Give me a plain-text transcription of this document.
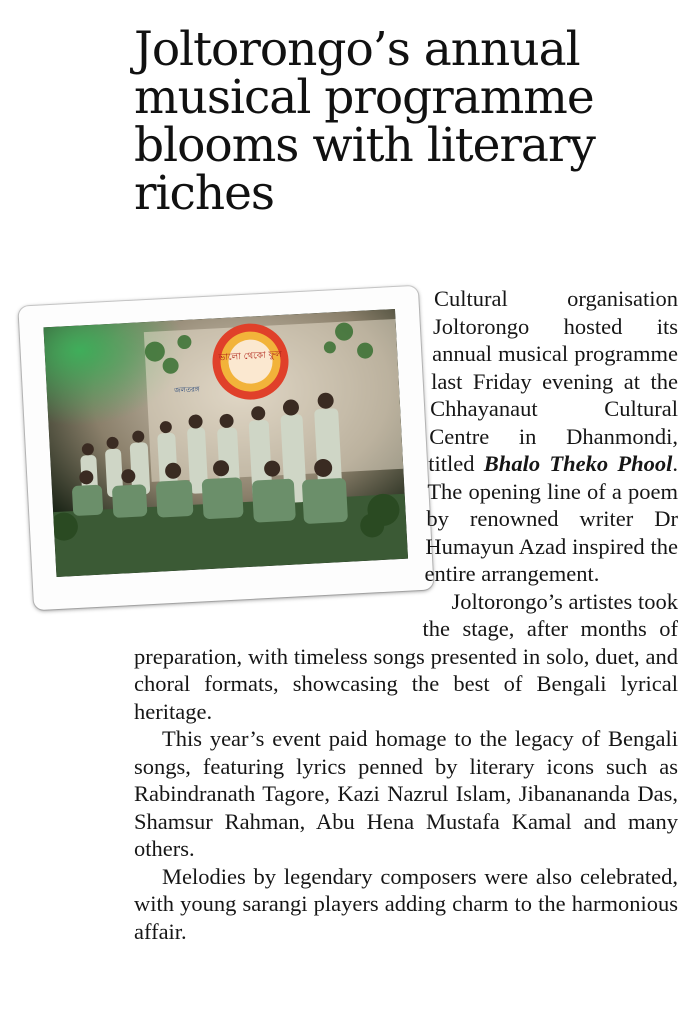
Joltorongo’s annual musical programme blooms with literary riches
ভালো থেকো ফুল
জলতরঙ্গ

Cultural organisation Joltorongo hosted its annual musical programme last Friday evening at the Chhayanaut Cultural Centre in Dhanmondi, titled Bhalo Theko Phool. The opening line of a poem by renowned writer Dr Humayun Azad inspired the entire arrangement.

Joltorongo’s artistes took the stage, after months of preparation, with timeless songs presented in solo, duet, and choral formats, showcasing the best of Bengali lyrical heritage.

This year’s event paid homage to the legacy of Bengali songs, featuring lyrics penned by literary icons such as Rabindranath Tagore, Kazi Nazrul Islam, Jibanananda Das, Shamsur Rahman, Abu Hena Mustafa Kamal and many others.

Melodies by legendary composers were also celebrated, with young sarangi players adding charm to the harmonious affair.
